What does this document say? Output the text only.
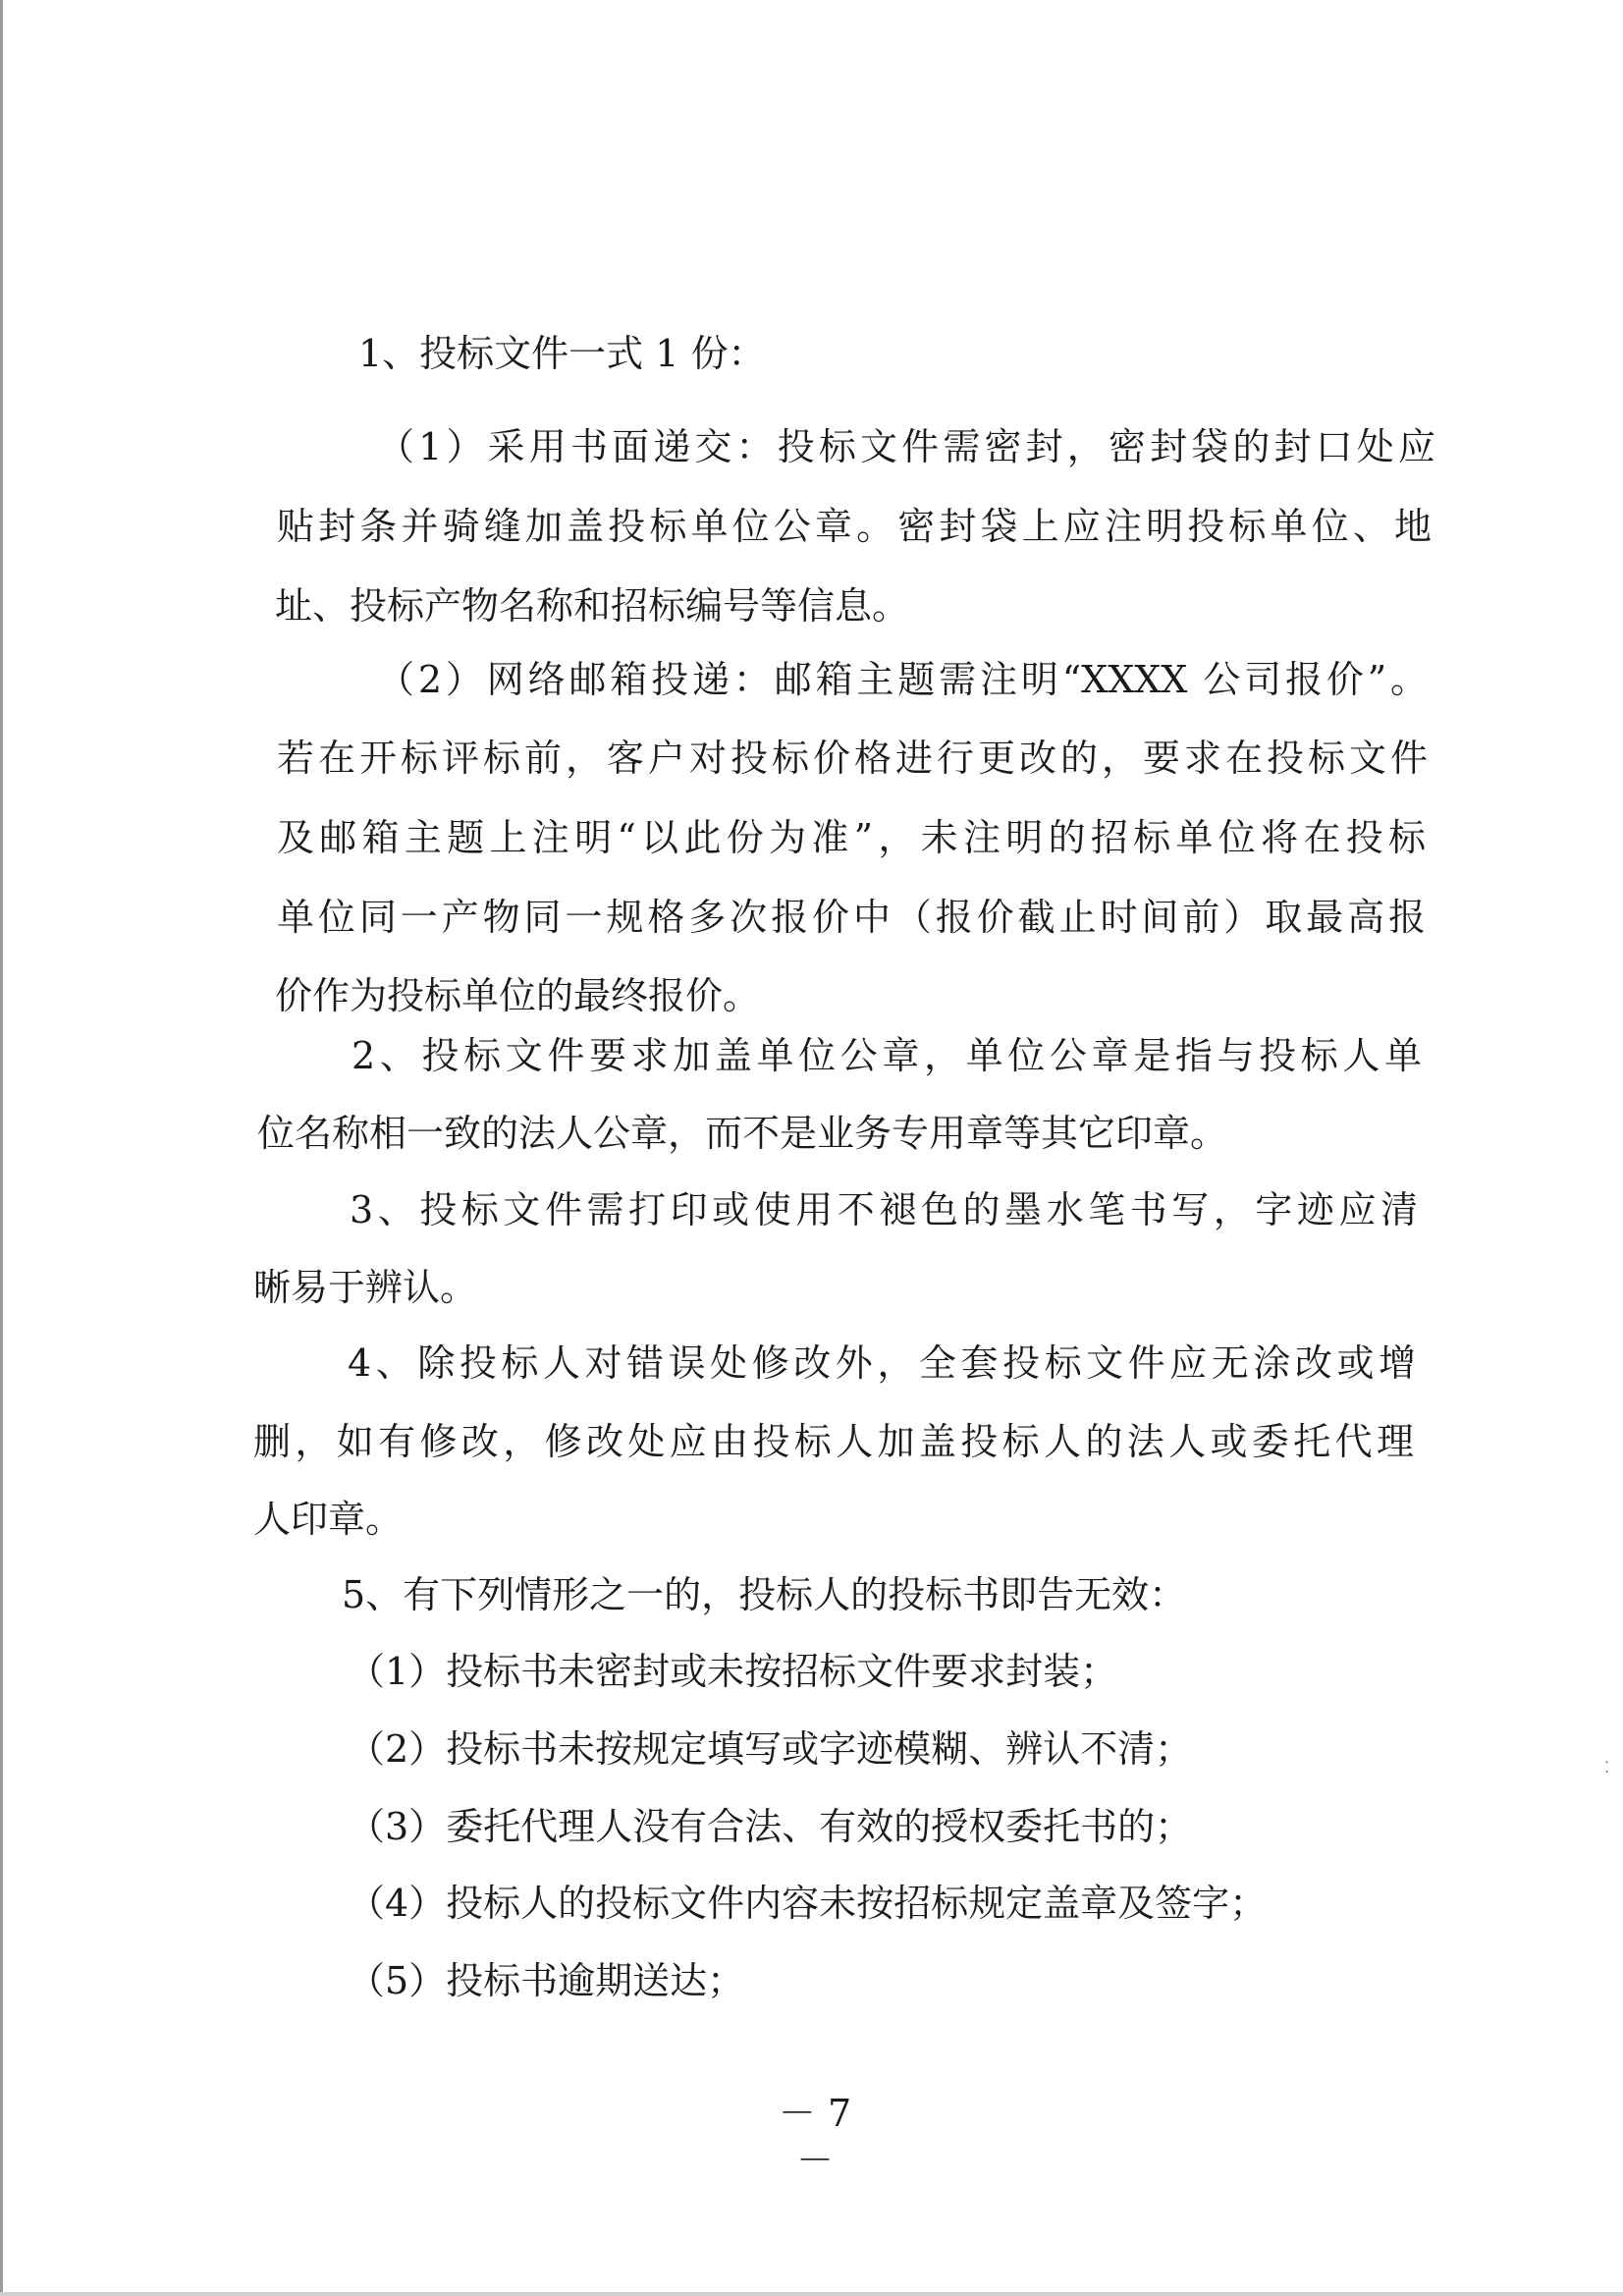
1、投标文件一式 1 份：
（1）采用书面递交：投标文件需密封，密封袋的封口处应
贴封条并骑缝加盖投标单位公章。密封袋上应注明投标单位、地
址、投标产物名称和招标编号等信息。
（2）网络邮箱投递：邮箱主题需注明“XXXX 公司报价”。
若在开标评标前，客户对投标价格进行更改的，要求在投标文件
及邮箱主题上注明“以此份为准”，未注明的招标单位将在投标
单位同一产物同一规格多次报价中（报价截止时间前）取最高报
价作为投标单位的最终报价。
2、投标文件要求加盖单位公章，单位公章是指与投标人单
位名称相一致的法人公章，而不是业务专用章等其它印章。
3、投标文件需打印或使用不褪色的墨水笔书写，字迹应清
晰易于辨认。
4、除投标人对错误处修改外，全套投标文件应无涂改或增
删，如有修改，修改处应由投标人加盖投标人的法人或委托代理
人印章。
5、有下列情形之一的，投标人的投标书即告无效：
（1）投标书未密封或未按招标文件要求封装；
（2）投标书未按规定填写或字迹模糊、辨认不清；
（3）委托代理人没有合法、有效的授权委托书的；
（4）投标人的投标文件内容未按招标规定盖章及签字；
（5）投标书逾期送达；
⁚
－ 7 －
